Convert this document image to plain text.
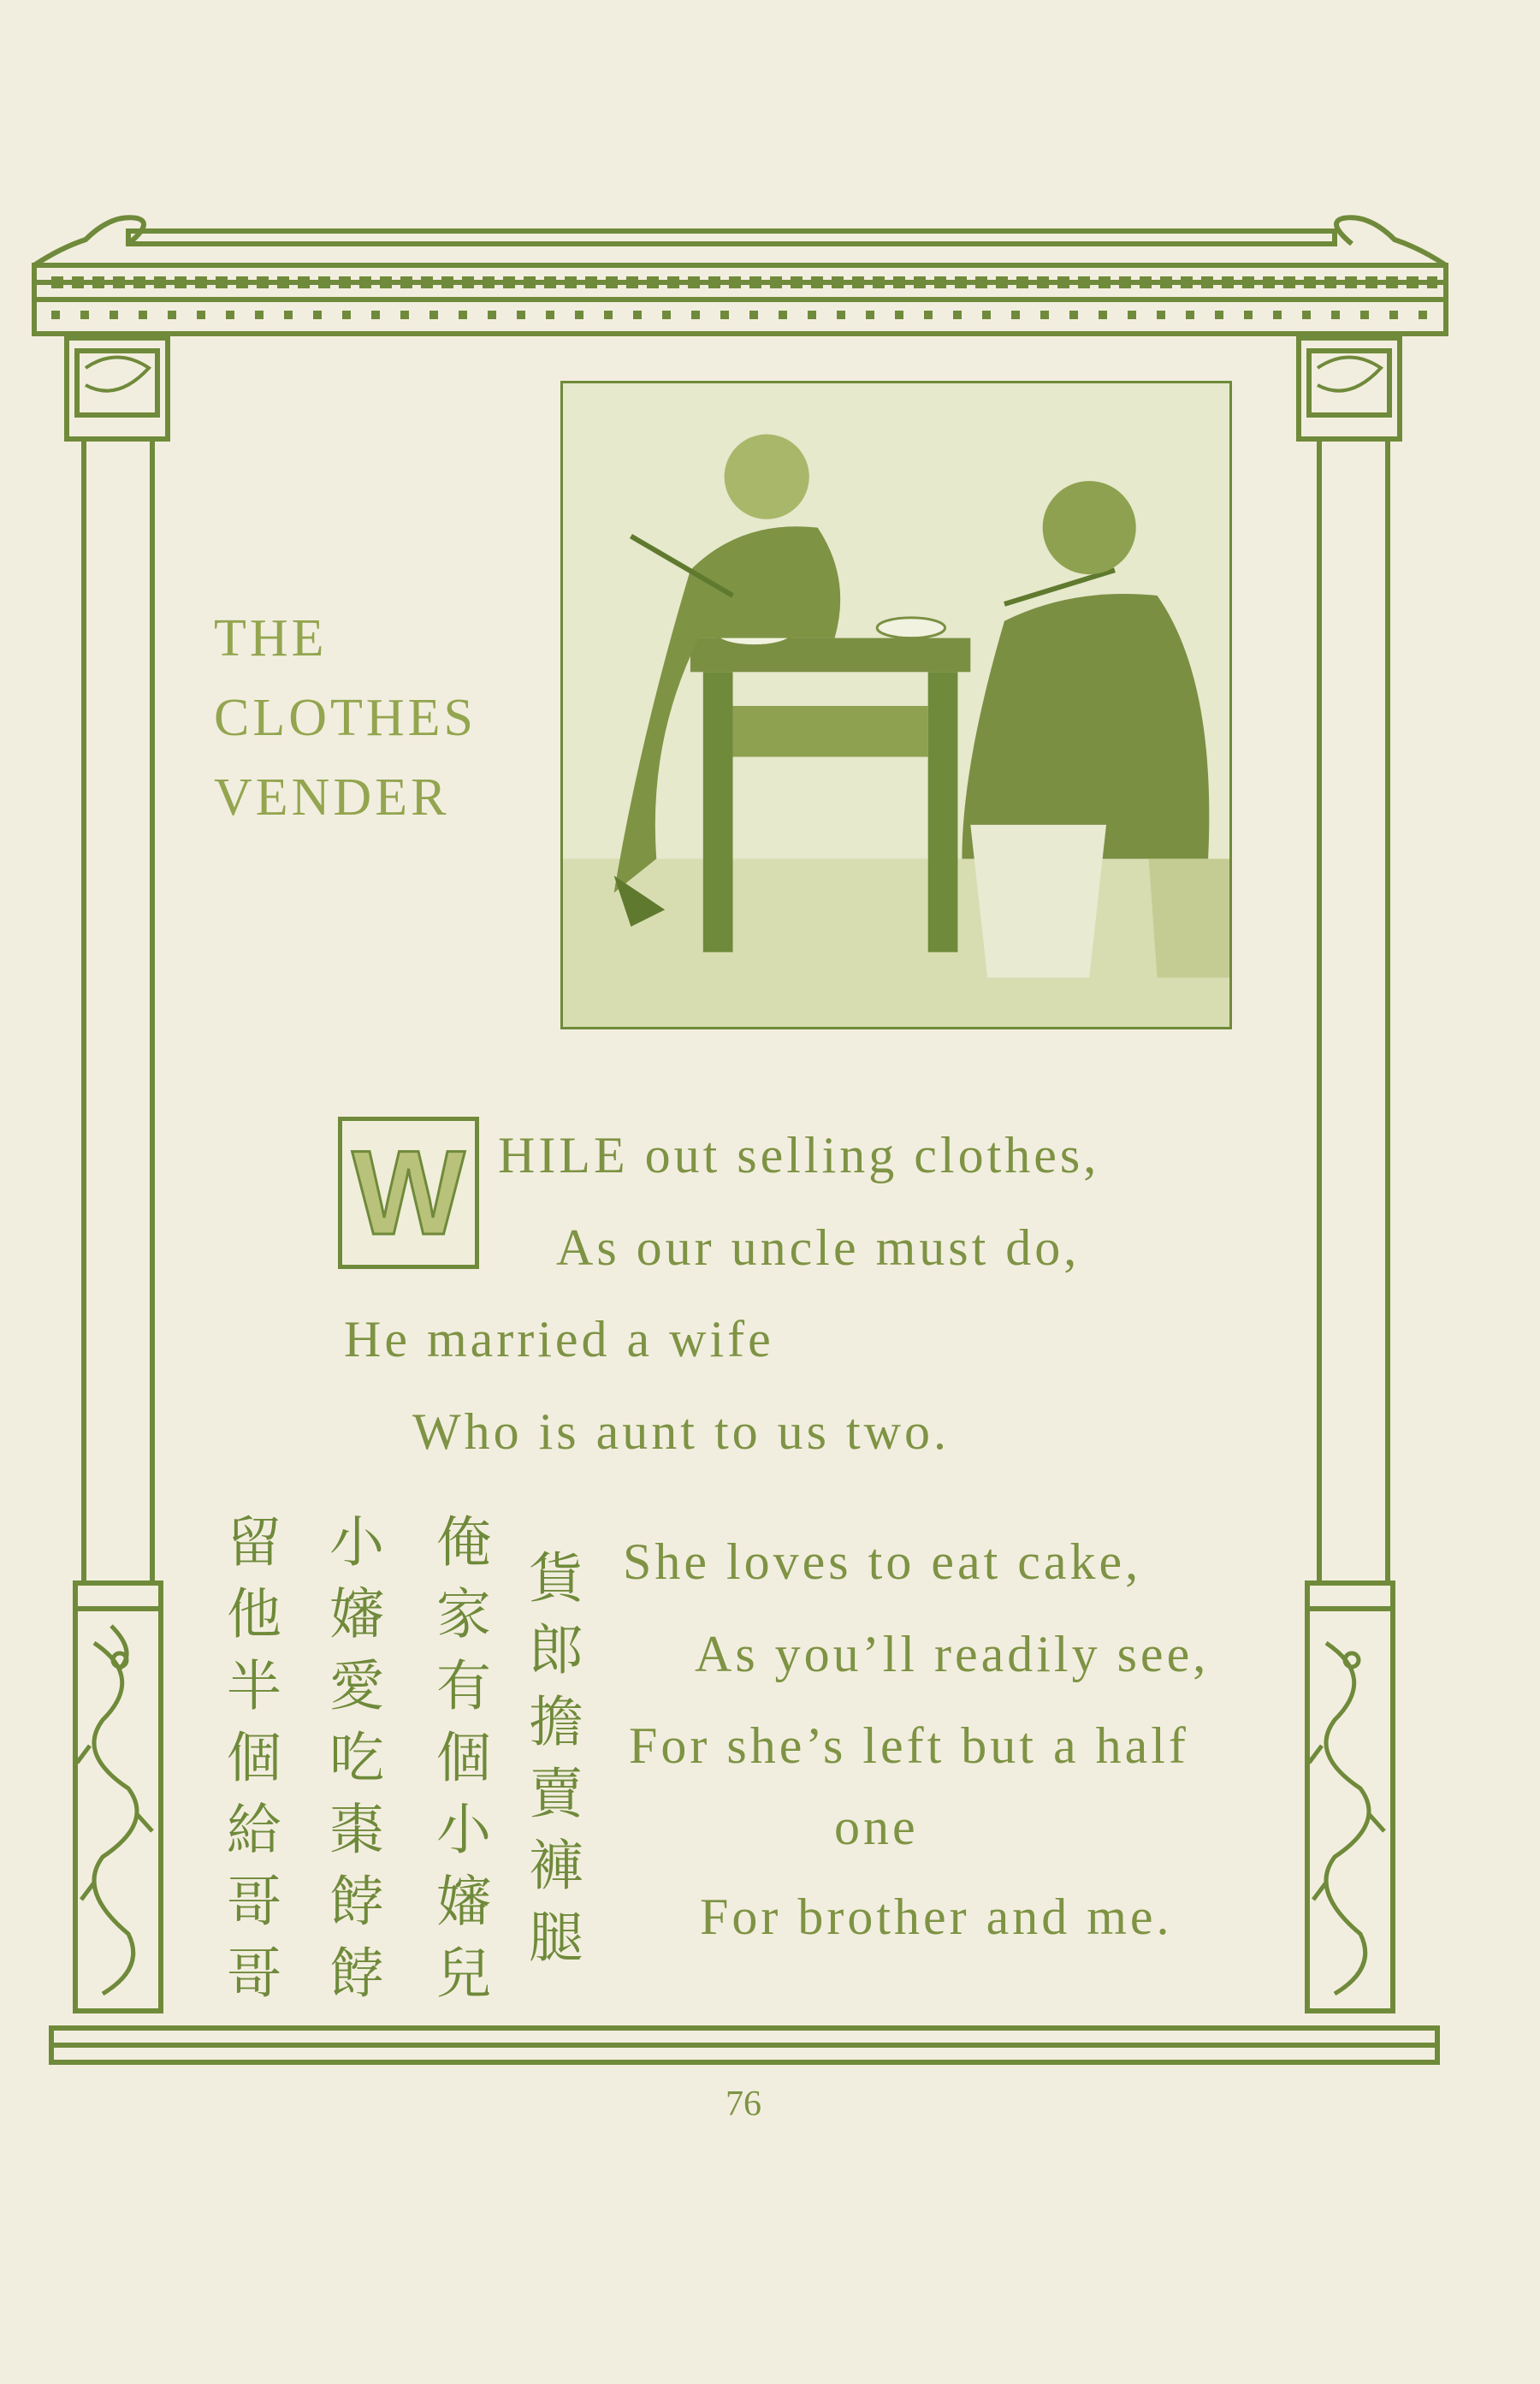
THE
CLOTHES
VENDER
W HILE out selling clothes,
As our uncle must do,
He married a wife
Who is aunt to us two.
貨郎擔賣褲腿
俺家有個小嬸兒
小嬸愛吃棗餑餑
留他半個給哥哥	She loves to eat cake,
As you’ll readily see,
For she’s left but a half
one
For brother and me.
76
